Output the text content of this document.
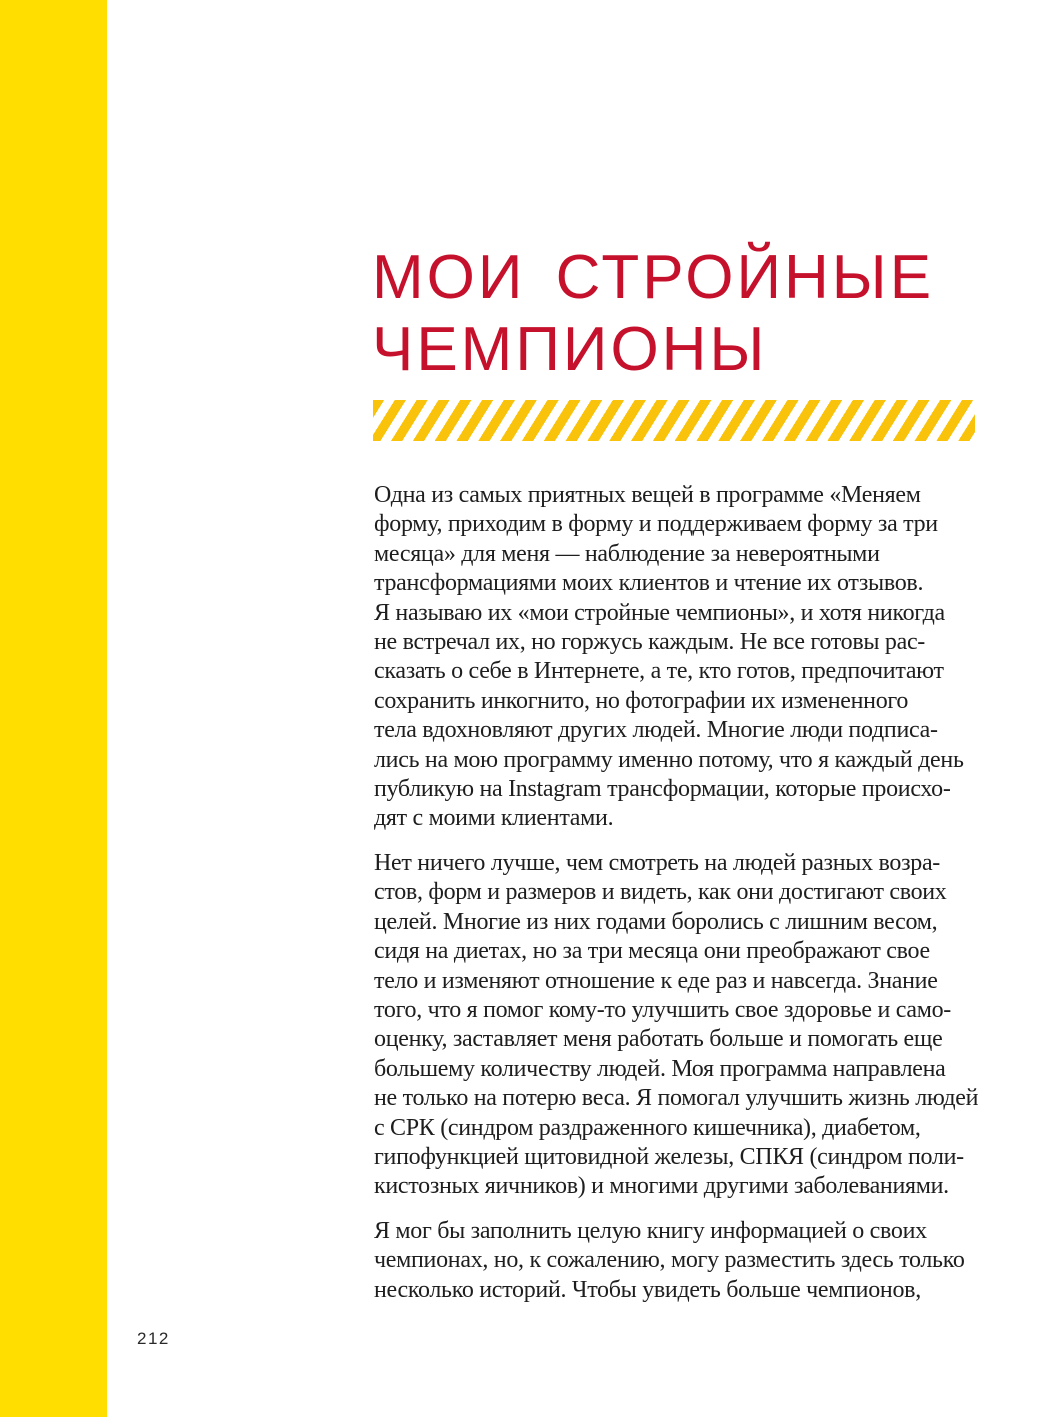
МОИ СТРОЙНЫЕ
ЧЕМПИОНЫ
Одна из самых приятных вещей в программе «Меняем
форму, приходим в форму и поддерживаем форму за три
месяца» для меня — наблюдение за невероятными
трансформациями моих клиентов и чтение их отзывов.
Я называю их «мои стройные чемпионы», и хотя никогда
не встречал их, но горжусь каждым. Не все готовы рас-
сказать о себе в Интернете, а те, кто готов, предпочитают
сохранить инкогнито, но фотографии их измененного
тела вдохновляют других людей. Многие люди подписа-
лись на мою программу именно потому, что я каждый день
публикую на Instagram трансформации, которые происхо-
дят с моими клиентами.
Нет ничего лучше, чем смотреть на людей разных возра-
стов, форм и размеров и видеть, как они достигают своих
целей. Многие из них годами боролись с лишним весом,
сидя на диетах, но за три месяца они преображают свое
тело и изменяют отношение к еде раз и навсегда. Знание
того, что я помог кому-то улучшить свое здоровье и само-
оценку, заставляет меня работать больше и помогать еще
большему количеству людей. Моя программа направлена
не только на потерю веса. Я помогал улучшить жизнь людей
с СРК (синдром раздраженного кишечника), диабетом,
гипофункцией щитовидной железы, СПКЯ (синдром поли-
кистозных яичников) и многими другими заболеваниями.
Я мог бы заполнить целую книгу информацией о своих
чемпионах, но, к сожалению, могу разместить здесь только
несколько историй. Чтобы увидеть больше чемпионов,
212
